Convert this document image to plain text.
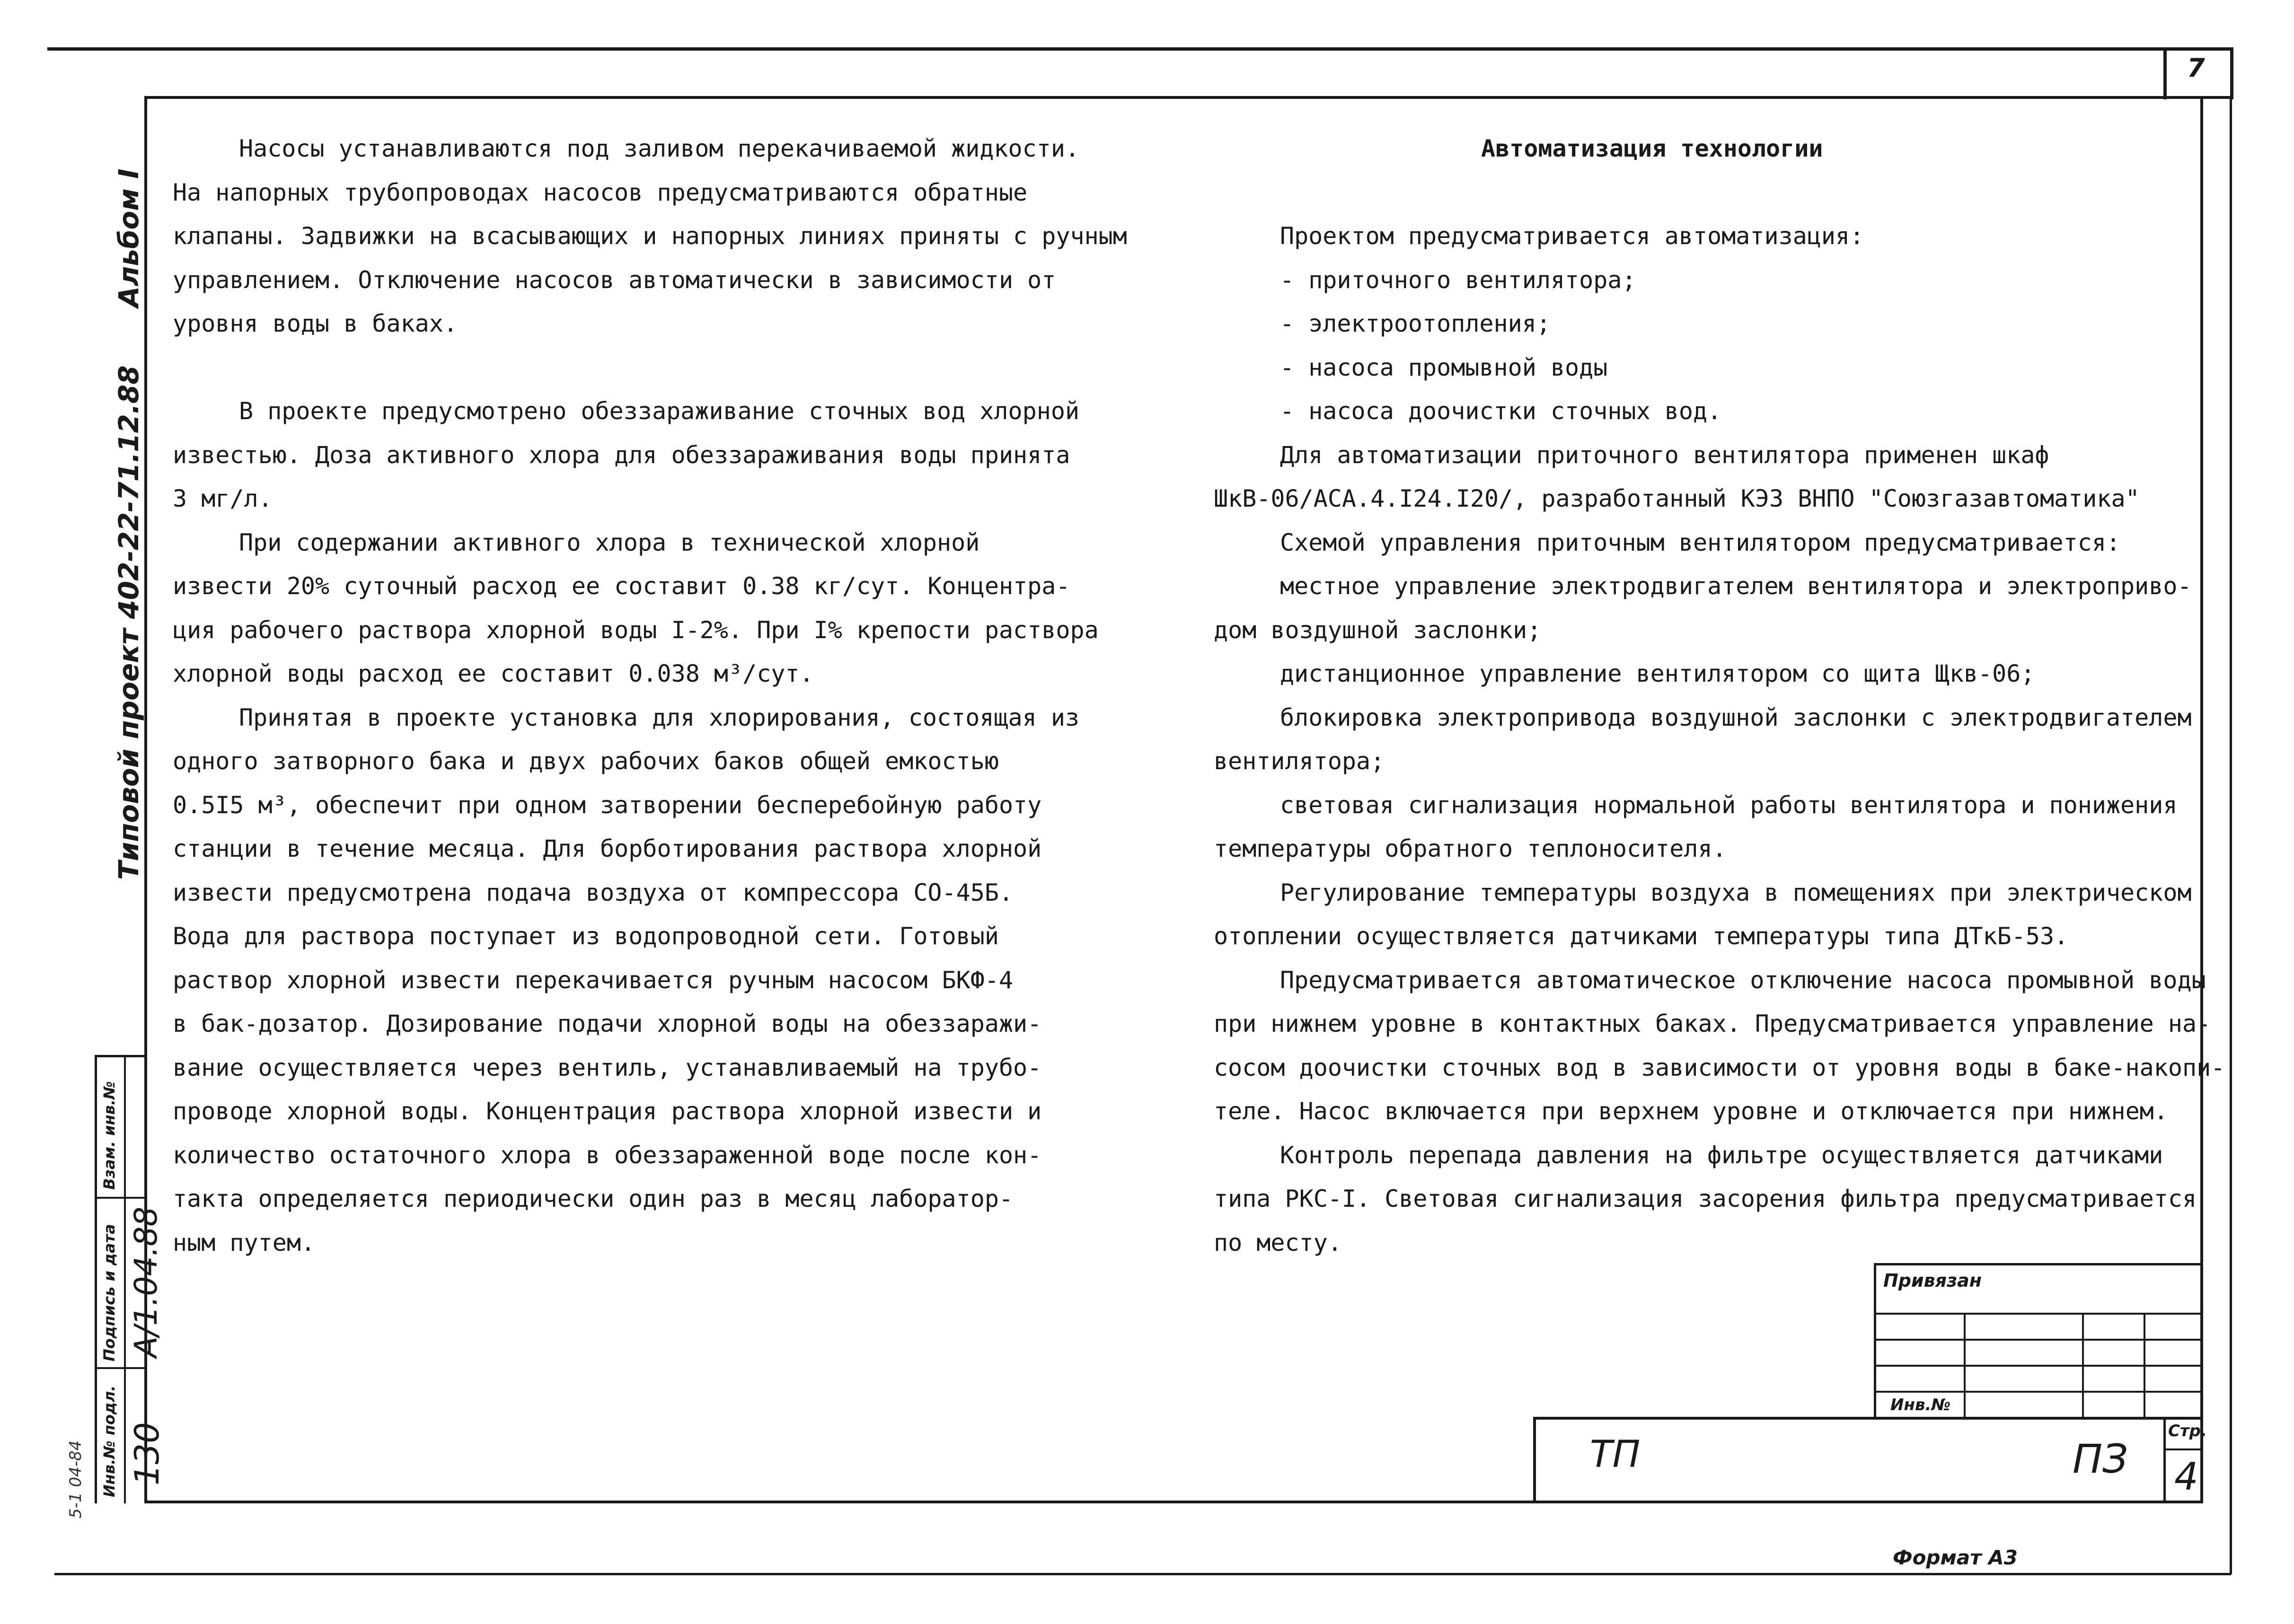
7
Альбом I
Типовой проект 402-22-71.12.88
Взам. инв.№
Подпись и дата
Инв.№ подл. 130
А/1.04.88
5-1 04-84

Насосы устанавливаются под заливом перекачиваемой жидкости.

На напорных трубопроводах насосов предусматриваются обратные

клапаны. Задвижки на всасывающих и напорных линиях приняты с ручным

управлением. Отключение насосов автоматически в зависимости от

уровня воды в баках.

В проекте предусмотрено обеззараживание сточных вод хлорной

известью. Доза активного хлора для обеззараживания воды принята

3 мг/л.

При содержании активного хлора в технической хлорной

извести 20% суточный расход ее составит 0.38 кг/сут. Концентра-

ция рабочего раствора хлорной воды I-2%. При I% крепости раствора

хлорной воды расход ее составит 0.038 м³/сут.

Принятая в проекте установка для хлорирования, состоящая из

одного затворного бака и двух рабочих баков общей емкостью

0.5I5 м³, обеспечит при одном затворении бесперебойную работу

станции в течение месяца. Для борботирования раствора хлорной

извести предусмотрена подача воздуха от компрессора СО-45Б.

Вода для раствора поступает из водопроводной сети. Готовый

раствор хлорной извести перекачивается ручным насосом БКФ-4

в бак-дозатор. Дозирование подачи хлорной воды на обеззаражи-

вание осуществляется через вентиль, устанавливаемый на трубо-

проводе хлорной воды. Концентрация раствора хлорной извести и

количество остаточного хлора в обеззараженной воде после кон-

такта определяется периодически один раз в месяц лаборатор-

ным путем.

Автоматизация технологии

Проектом предусматривается автоматизация:

- приточного вентилятора;

- электроотопления;

- насоса промывной воды

- насоса доочистки сточных вод.

Для автоматизации приточного вентилятора применен шкаф

ШкВ-06/АСА.4.I24.I20/, разработанный КЭЗ ВНПО "Союзгазавтоматика"

Схемой управления приточным вентилятором предусматривается:

местное управление электродвигателем вентилятора и электроприво-

дом воздушной заслонки;

дистанционное управление вентилятором со щита Щкв-06;

блокировка электропривода воздушной заслонки с электродвигателем

вентилятора;

световая сигнализация нормальной работы вентилятора и понижения

температуры обратного теплоносителя.

Регулирование температуры воздуха в помещениях при электрическом

отоплении осуществляется датчиками температуры типа ДТкБ-53.

Предусматривается автоматическое отключение насоса промывной воды

при нижнем уровне в контактных баках. Предусматривается управление на-

сосом доочистки сточных вод в зависимости от уровня воды в баке-накопи-

теле. Насос включается при верхнем уровне и отключается при нижнем.

Контроль перепада давления на фильтре осуществляется датчиками

типа РКС-I. Световая сигнализация засорения фильтра предусматривается

по месту.

Привязан
Инв.№
ТП	ПЗ
Стр.
4
Формат А3
